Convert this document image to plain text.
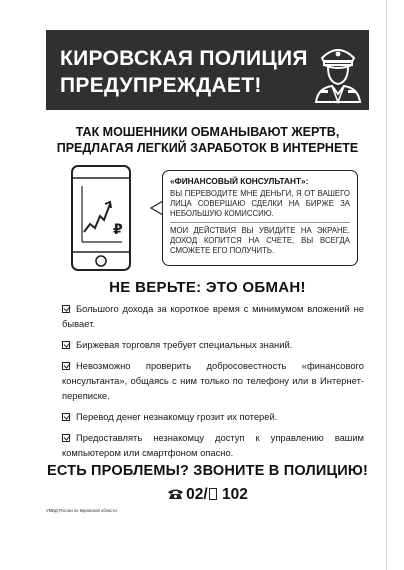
КИРОВСКАЯ ПОЛИЦИЯ
ПРЕДУПРЕЖДАЕТ!
ТАК МОШЕННИКИ ОБМАНЫВАЮТ ЖЕРТВ,
ПРЕДЛАГАЯ ЛЕГКИЙ ЗАРАБОТОК В ИНТЕРНЕТЕ
₽
«ФИНАНСОВЫЙ КОНСУЛЬТАНТ»:

ВЫ ПЕРЕВОДИТЕ МНЕ ДЕНЬГИ, Я ОТ ВАШЕГО ЛИЦА СОВЕРШАЮ СДЕЛКИ НА БИРЖЕ ЗА НЕБОЛЬШУЮ КОМИССИЮ.

МОИ ДЕЙСТВИЯ ВЫ УВИДИТЕ НА ЭКРАНЕ. ДОХОД КОПИТСЯ НА СЧЕТЕ, ВЫ ВСЕГДА СМОЖЕТЕ ЕГО ПОЛУЧИТЬ.

НЕ ВЕРЬТЕ: ЭТО ОБМАН!
Большого дохода за короткое время с минимумом вложений не бывает.
Биржевая торговля требует специальных знаний.
Невозможно проверить добросовестность «финансового консультанта», общаясь с ним только по телефону или в Интернет-переписке.
Перевод денег незнакомцу грозит их потерей.
Предоставлять незнакомцу доступ к управлению вашим компьютером или смартфоном опасно.
ЕСТЬ ПРОБЛЕМЫ? ЗВОНИТЕ В ПОЛИЦИЮ!
02/ 102
УМВД России по Кировской области
